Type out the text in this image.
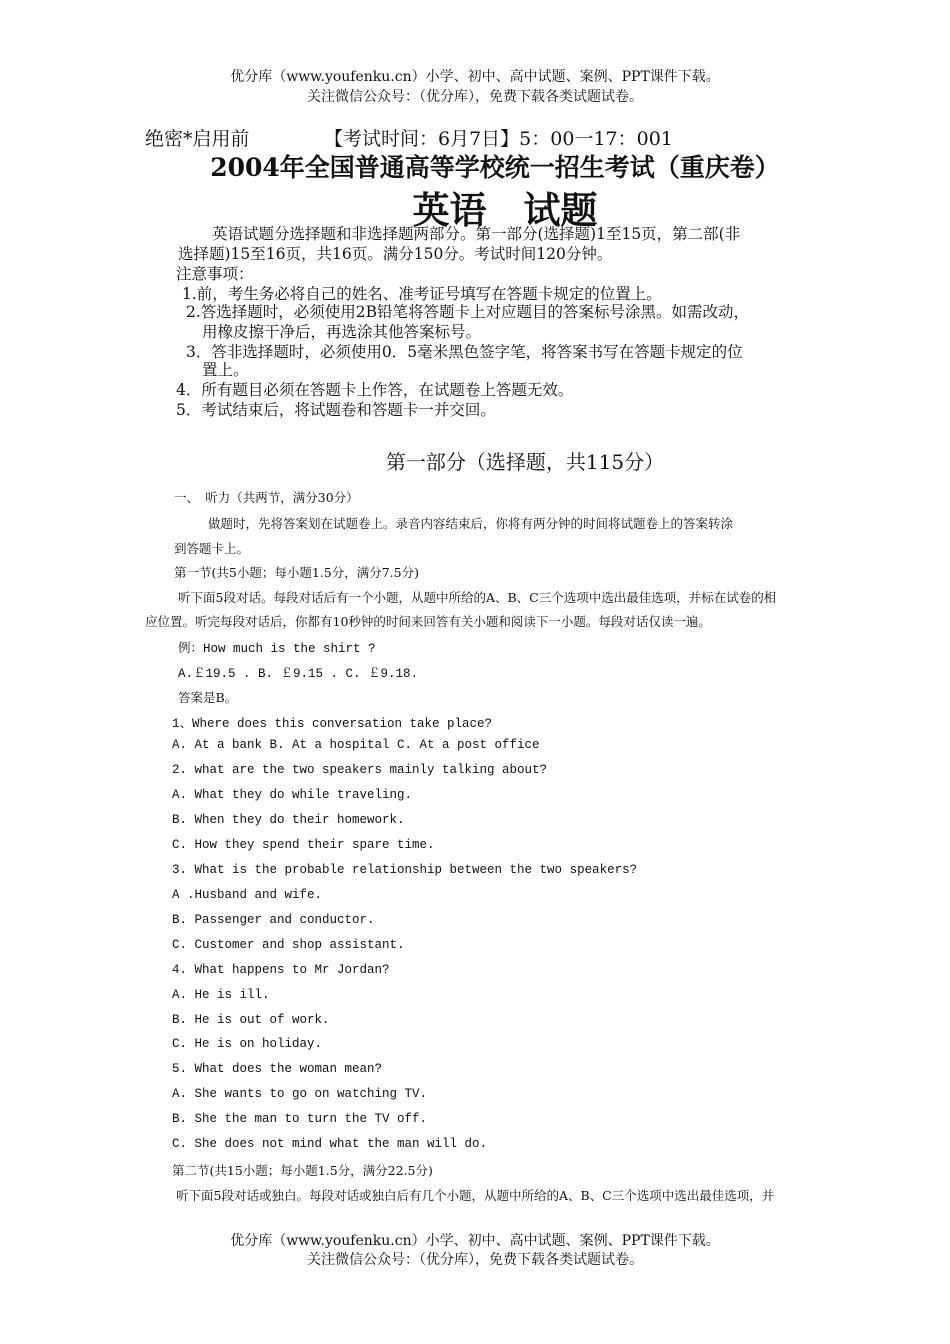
优分库（www.youfenku.cn）小学、初中、高中试题、案例、PPT课件下载。
关注微信公众号：（优分库），免费下载各类试题试卷。
绝密*启用前	【考试时间：6月7日】5：00一17：001
2004年全国普通高等学校统一招生考试（重庆卷）
英语　试题
英语试题分选择题和非选择题两部分。第一部分(选择题)1至15页，第二部(非
选择题)15至16页，共16页。满分150分。考试时间120分钟。
注意事项：
1.前，考生务必将自己的姓名、准考证号填写在答题卡规定的位置上。
2.答选择题时，必须使用2B铅笔将答题卡上对应题目的答案标号涂黑。如需改动，
用橡皮擦干净后，再选涂其他答案标号。
3．答非选择题时，必须使用0．5毫米黑色签字笔，将答案书写在答题卡规定的位
置上。
4．所有题目必须在答题卡上作答，在试题卷上答题无效。
5．考试结束后，将试题卷和答题卡一并交回。
第一部分（选择题，共115分）
一、　听力（共两节，满分30分）
做题时，先将答案划在试题卷上。录音内容结束后，你将有两分钟的时间将试题卷上的答案转涂
到答题卡上。
第一节(共5小题；每小题1.5分，满分7.5分)
听下面5段对话。每段对话后有一个小题，从题中所给的A、B、C三个选项中选出最佳选项，并标在试卷的相
应位置。听完每段对话后，你都有10秒钟的时间来回答有关小题和阅读下一小题。每段对话仅读一遍。
例：How much is the shirt ?
A.￡19.5 . B. ￡9.15 . C. ￡9.18.
答案是B。
1、Where does this conversation take place?
A. At a bank B. At a hospital C. At a post office
2. what are the two speakers mainly talking about?
A. What they do while traveling.
B. When they do their homework.
C. How they spend their spare time.
3. What is the probable relationship between the two speakers?
A .Husband and wife.
B. Passenger and conductor.
C. Customer and shop assistant.
4. What happens to Mr Jordan?
A. He is ill.
B. He is out of work.
C. He is on holiday.
5. What does the woman mean?
A. She wants to go on watching TV.
B. She the man to turn the TV off.
C. She does not mind what the man will do.
第二节(共15小题；每小题1.5分，满分22.5分)
听下面5段对话或独白。每段对话或独白后有几个小题，从题中所给的A、B、C三个选项中选出最佳选项，并
优分库（www.youfenku.cn）小学、初中、高中试题、案例、PPT课件下载。
关注微信公众号：（优分库），免费下载各类试题试卷。
